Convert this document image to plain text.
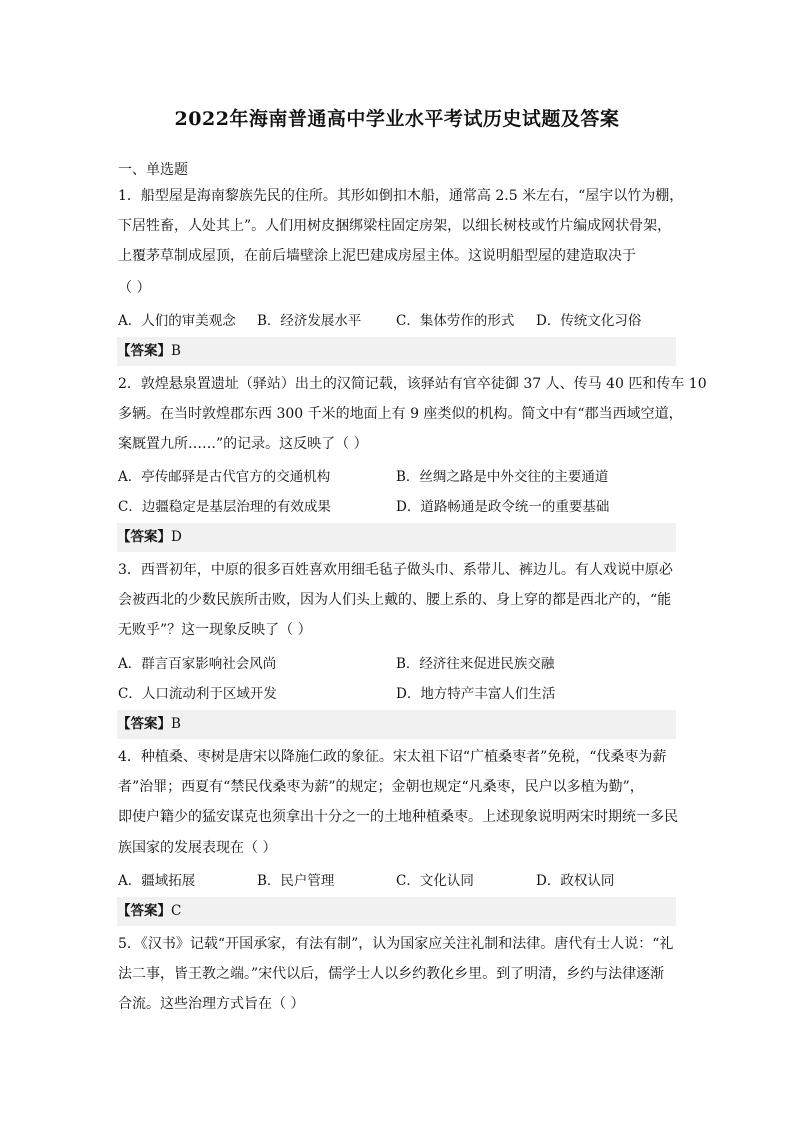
2022年海南普通高中学业水平考试历史试题及答案
一、单选题
1．船型屋是海南黎族先民的住所。其形如倒扣木船，通常高 2.5 米左右，“屋宇以竹为棚，
下居牲畜，人处其上”。人们用树皮捆绑梁柱固定房架，以细长树枝或竹片编成网状骨架，
上覆茅草制成屋顶，在前后墙壁涂上泥巴建成房屋主体。这说明船型屋的建造取决于
（ ）
A．人们的审美观念 B．经济发展水平	C．集体劳作的形式 D．传统文化习俗
【答案】B
2．敦煌悬泉置遗址（驿站）出土的汉简记载，该驿站有官卒徒御 37 人、传马 40 匹和传车 10
多辆。在当时敦煌郡东西 300 千米的地面上有 9 座类似的机构。简文中有“郡当西域空道，
案厩置九所……”的记录。这反映了（ ）
A．亭传邮驿是古代官方的交通机构	B．丝绸之路是中外交往的主要通道
C．边疆稳定是基层治理的有效成果	D．道路畅通是政令统一的重要基础
【答案】D
3．西晋初年，中原的很多百姓喜欢用细毛毡子做头巾、系带儿、裤边儿。有人戏说中原必
会被西北的少数民族所击败，因为人们头上戴的、腰上系的、身上穿的都是西北产的，“能
无败乎”？这一现象反映了（ ）
A．群言百家影响社会风尚	B．经济往来促进民族交融
C．人口流动利于区域开发	D．地方特产丰富人们生活
【答案】B
4．种植桑、枣树是唐宋以降施仁政的象征。宋太祖下诏“广植桑枣者”免税，“伐桑枣为薪
者”治罪；西夏有“禁民伐桑枣为薪”的规定；金朝也规定“凡桑枣，民户以多植为勤”，
即使户籍少的猛安谋克也须拿出十分之一的土地种植桑枣。上述现象说明两宋时期统一多民
族国家的发展表现在（ ）
A．疆域拓展	B．民户管理	C．文化认同	D．政权认同
【答案】C
5．《汉书》记载“开国承家，有法有制”，认为国家应关注礼制和法律。唐代有士人说：“礼
法二事，皆王教之端。”宋代以后，儒学士人以乡约教化乡里。到了明清，乡约与法律逐渐
合流。这些治理方式旨在（ ）
